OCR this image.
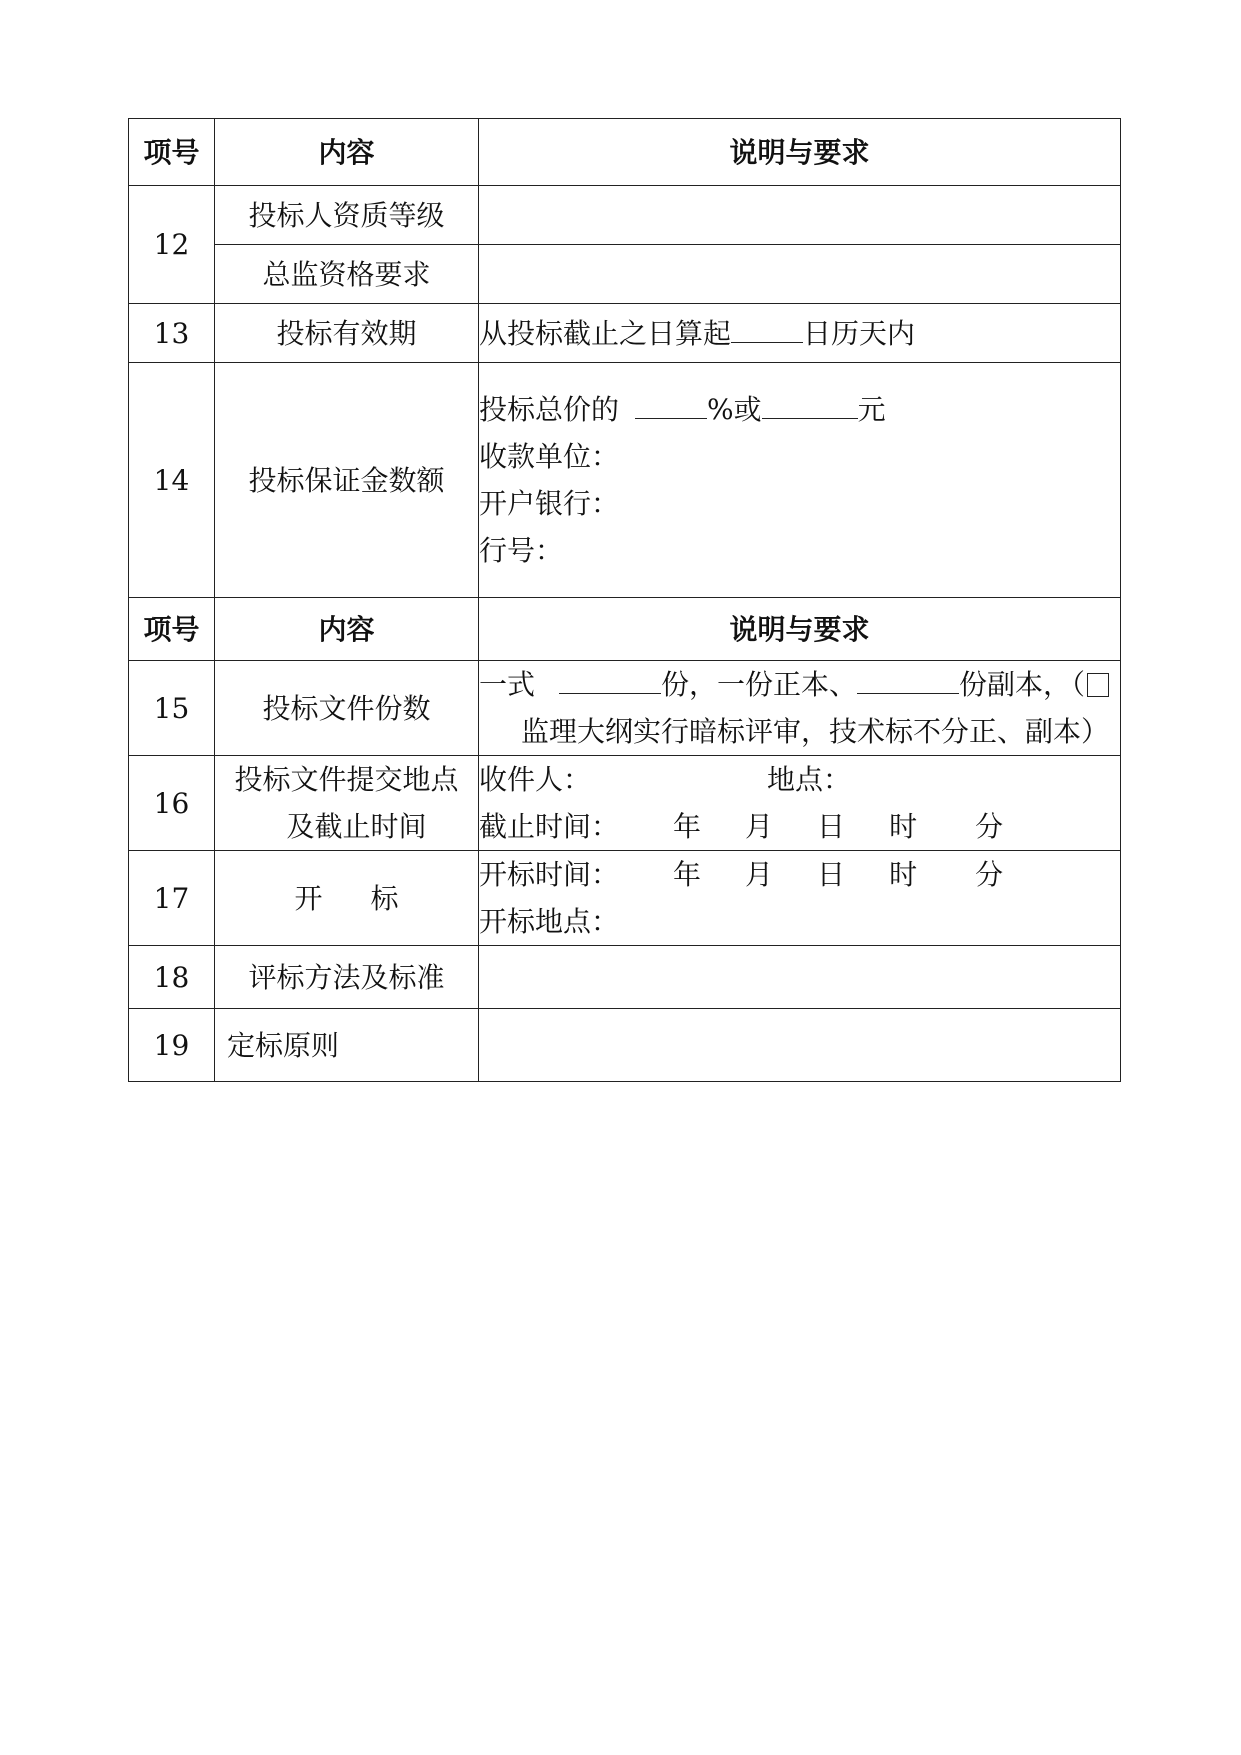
项号	内容	说明与要求
12	投标人资质等级	
	总监资格要求	
13	投标有效期	从投标截止之日算起 日历天内
14	投标保证金数额	投标总价的 %或 元
收款单位：
开户银行：
行号：

项号	内容	说明与要求
15	投标文件份数	一式 份，一份正本、 份副本，（
监理大纲实行暗标评审，技术标不分正、副本）

16	投标文件提交地点
及截止时间	收件人： 地点：
截止时间： 年 月 日 时 分

17	开 标	开标时间： 年 月 日 时 分
开标地点：

18	评标方法及标准	
19	定标原则	
